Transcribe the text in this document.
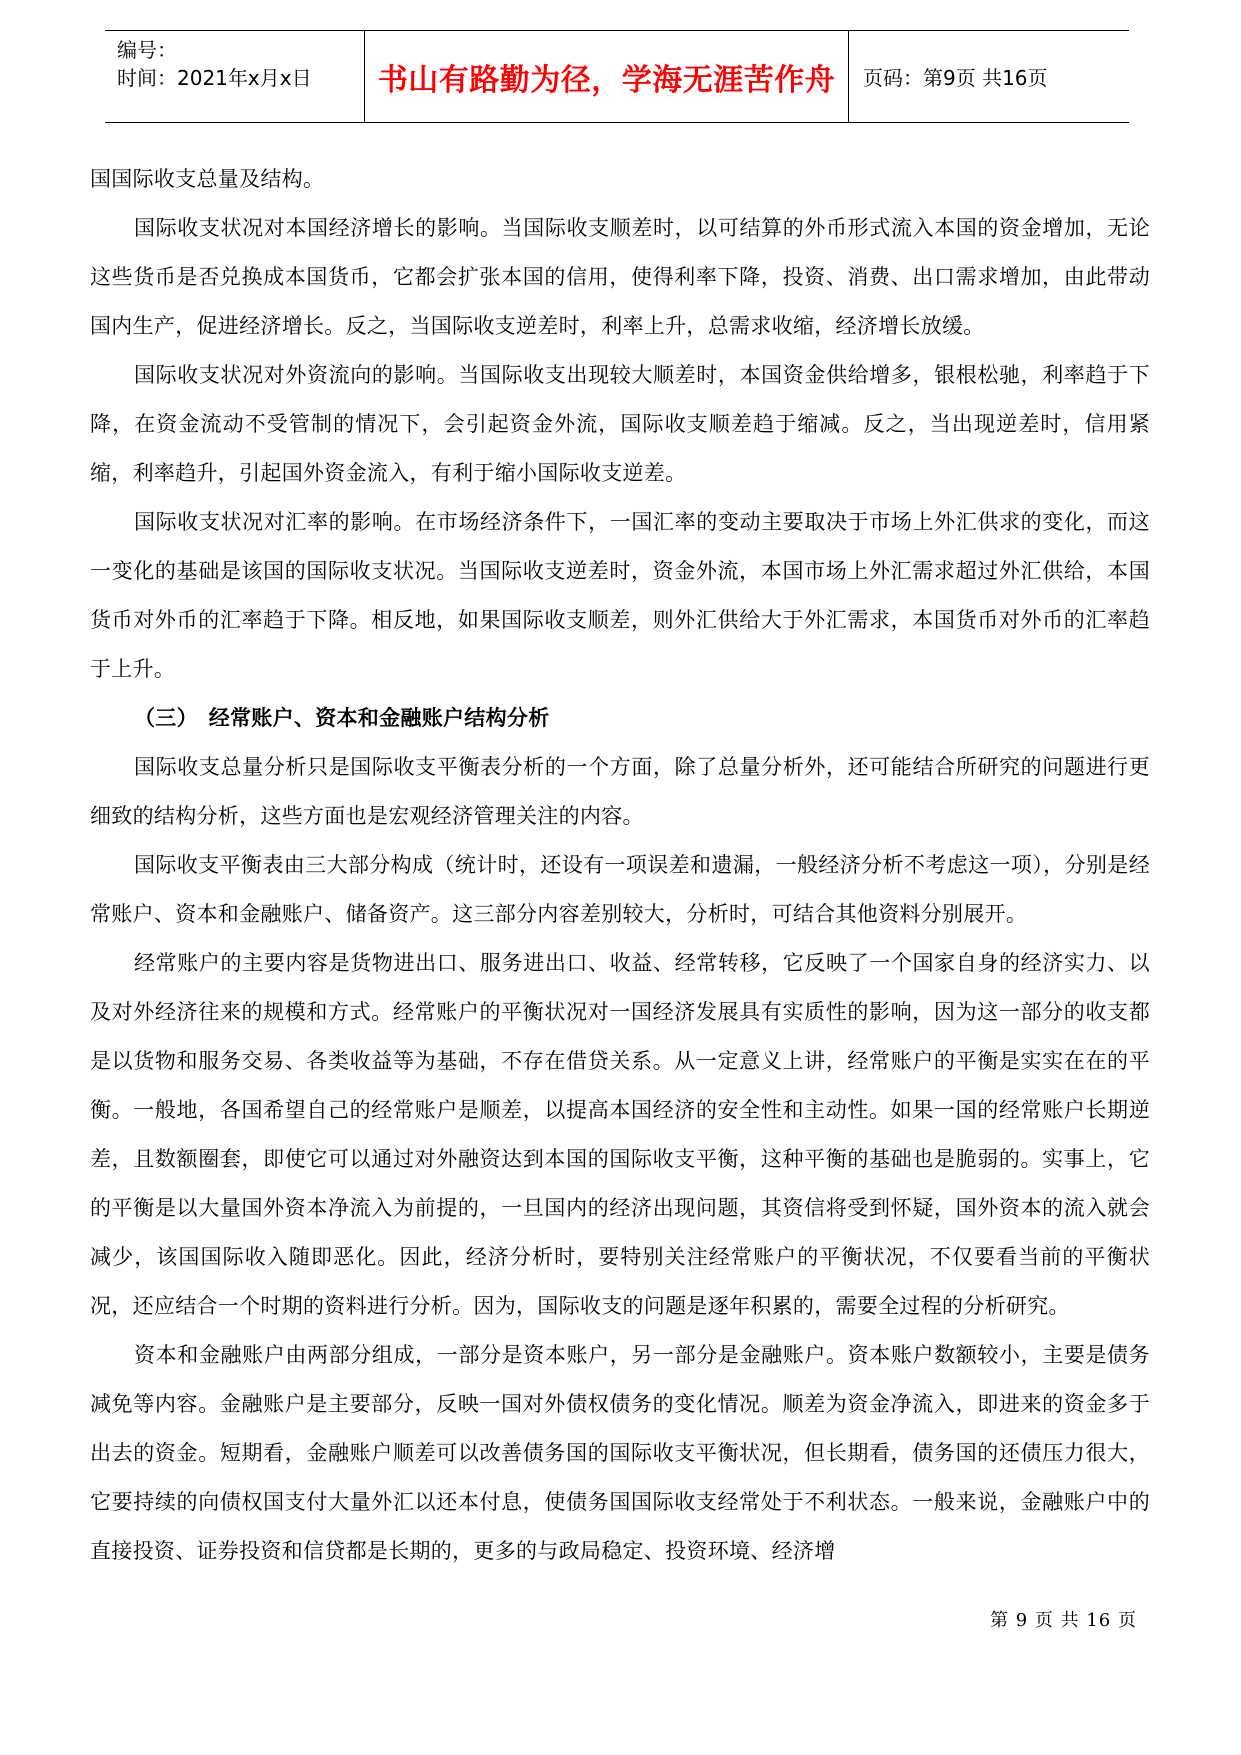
编号：
时间：2021年x月x日	书山有路勤为径，学海无涯苦作舟	页码：第9页 共16页

国国际收支总量及结构。

国际收支状况对本国经济增长的影响。当国际收支顺差时，以可结算的外币形式流入本国的资金增加，无论这些货币是否兑换成本国货币，它都会扩张本国的信用，使得利率下降，投资、消费、出口需求增加，由此带动国内生产，促进经济增长。反之，当国际收支逆差时，利率上升，总需求收缩，经济增长放缓。

国际收支状况对外资流向的影响。当国际收支出现较大顺差时，本国资金供给增多，银根松驰，利率趋于下降，在资金流动不受管制的情况下，会引起资金外流，国际收支顺差趋于缩减。反之，当出现逆差时，信用紧缩，利率趋升，引起国外资金流入，有利于缩小国际收支逆差。

国际收支状况对汇率的影响。在市场经济条件下，一国汇率的变动主要取决于市场上外汇供求的变化，而这一变化的基础是该国的国际收支状况。当国际收支逆差时，资金外流，本国市场上外汇需求超过外汇供给，本国货币对外币的汇率趋于下降。相反地，如果国际收支顺差，则外汇供给大于外汇需求，本国货币对外币的汇率趋于上升。

（三）　经常账户、资本和金融账户结构分析

国际收支总量分析只是国际收支平衡表分析的一个方面，除了总量分析外，还可能结合所研究的问题进行更细致的结构分析，这些方面也是宏观经济管理关注的内容。

国际收支平衡表由三大部分构成（统计时，还设有一项误差和遗漏，一般经济分析不考虑这一项），分别是经常账户、资本和金融账户、储备资产。这三部分内容差别较大，分析时，可结合其他资料分别展开。

经常账户的主要内容是货物进出口、服务进出口、收益、经常转移，它反映了一个国家自身的经济实力、以及对外经济往来的规模和方式。经常账户的平衡状况对一国经济发展具有实质性的影响，因为这一部分的收支都是以货物和服务交易、各类收益等为基础，不存在借贷关系。从一定意义上讲，经常账户的平衡是实实在在的平衡。一般地，各国希望自己的经常账户是顺差，以提高本国经济的安全性和主动性。如果一国的经常账户长期逆差，且数额圈套，即使它可以通过对外融资达到本国的国际收支平衡，这种平衡的基础也是脆弱的。实事上，它的平衡是以大量国外资本净流入为前提的，一旦国内的经济出现问题，其资信将受到怀疑，国外资本的流入就会减少，该国国际收入随即恶化。因此，经济分析时，要特别关注经常账户的平衡状况，不仅要看当前的平衡状况，还应结合一个时期的资料进行分析。因为，国际收支的问题是逐年积累的，需要全过程的分析研究。

资本和金融账户由两部分组成，一部分是资本账户，另一部分是金融账户。资本账户数额较小，主要是债务减免等内容。金融账户是主要部分，反映一国对外债权债务的变化情况。顺差为资金净流入，即进来的资金多于出去的资金。短期看，金融账户顺差可以改善债务国的国际收支平衡状况，但长期看，债务国的还债压力很大，它要持续的向债权国支付大量外汇以还本付息，使债务国国际收支经常处于不利状态。一般来说，金融账户中的直接投资、证券投资和信贷都是长期的，更多的与政局稳定、投资环境、经济增

第 9 页 共 16 页
